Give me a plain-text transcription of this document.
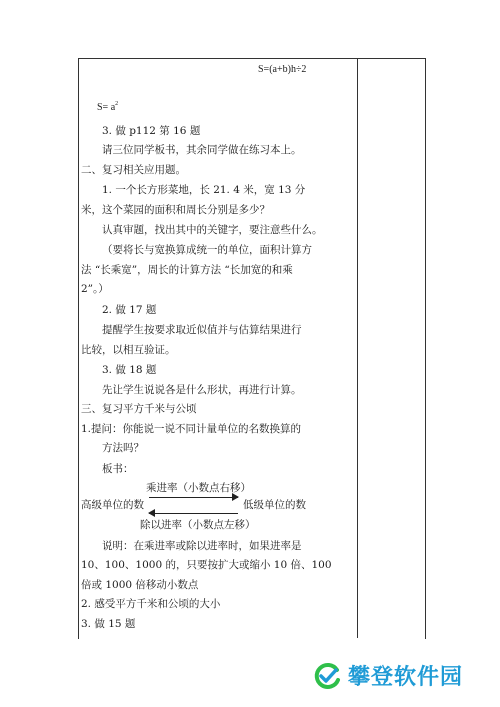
S=(a+b)h÷2
$S= a^2$
3. 做 p112 第 16 题
请三位同学板书，其余同学做在练习本上。
二、复习相关应用题。
1. 一个长方形菜地，长 21. 4 米，宽 13 分
米，这个菜园的面积和周长分别是多少？
认真审题，找出其中的关键字，要注意些什么。
（要将长与宽换算成统一的单位，面积计算方
法 “长乘宽”，周长的计算方法 “长加宽的和乘
2”。）
2. 做 17 题
提醒学生按要求取近似值并与估算结果进行
比较，以相互验证。
3. 做 18 题
先让学生说说各是什么形状，再进行计算。
三、复习平方千米与公顷
1.提问：你能说一说不同计量单位的名数换算的
方法吗？
板书：
乘进率（小数点右移）
高级单位的数	低级单位的数
除以进率（小数点左移）
说明：在乘进率或除以进率时，如果进率是
10、100、1000 的，只要按扩大或缩小 10 倍、100
倍或 1000 倍移动小数点
2. 感受平方千米和公顷的大小
3. 做 15 题
攀登软件园
